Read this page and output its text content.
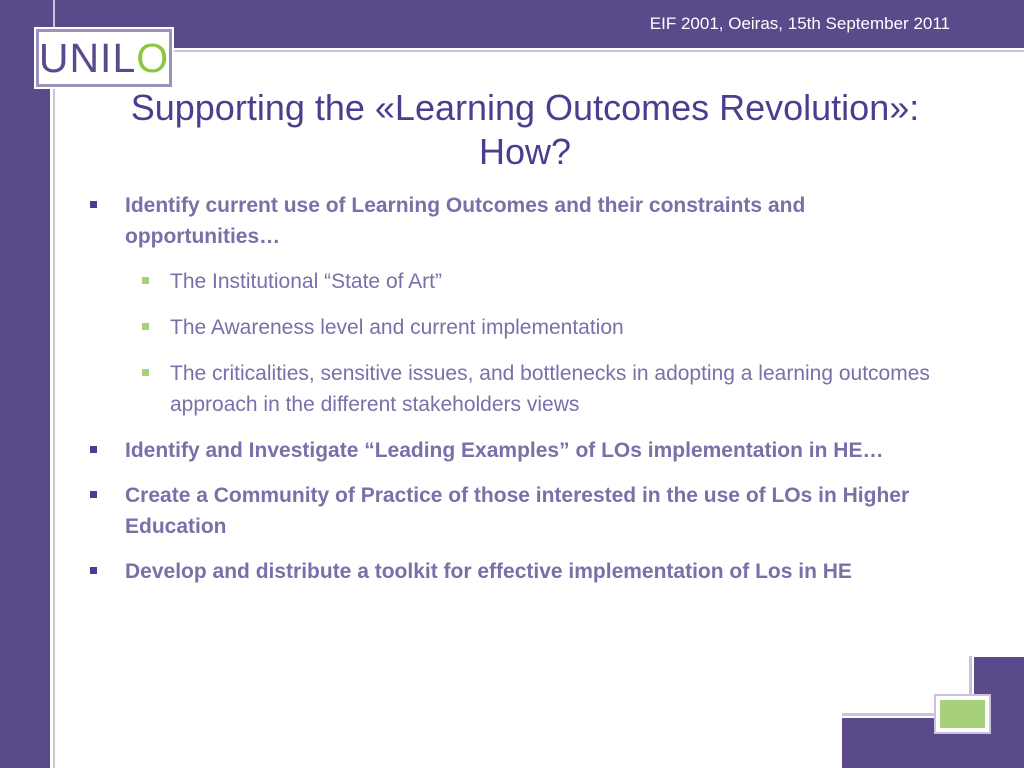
EIF 2001, Oeiras, 15th September 2011
UNIL O
Supporting the «Learning Outcomes Revolution»:
How?
Identify current use of Learning Outcomes and their constraints and opportunities…
The Institutional “State of Art”
The Awareness level and current implementation
The criticalities, sensitive issues, and bottlenecks in adopting a learning outcomes approach in the different stakeholders views
Identify and Investigate “Leading Examples” of LOs implementation in HE…
Create a Community of Practice of those interested in the use of LOs in Higher Education
Develop and distribute a toolkit for effective implementation of Los in HE
